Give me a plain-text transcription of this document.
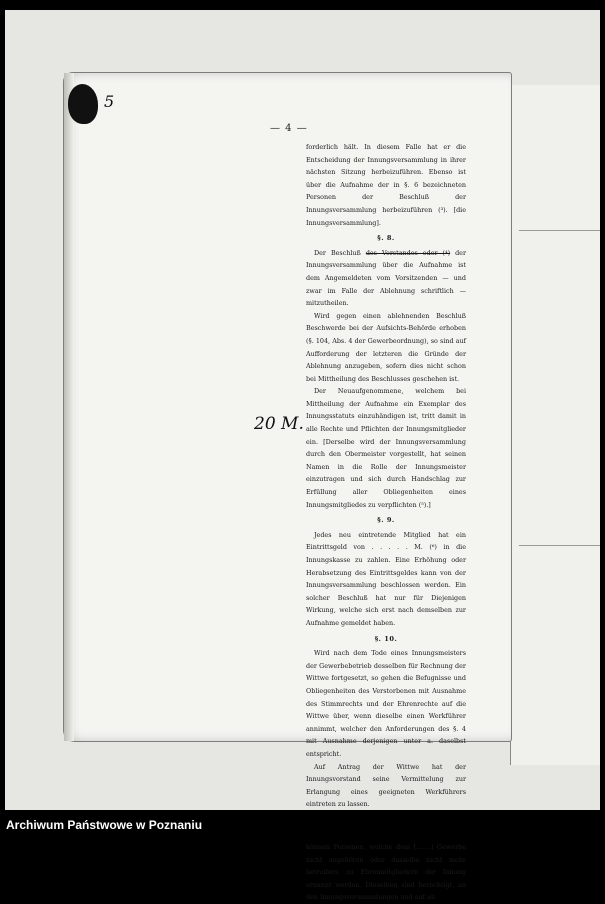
5
— 4 —
20 M.

forderlich hält. In diesem Falle hat er die Entscheidung der Innungsversammlung in ihrer nächsten Sitzung herbeizuführen. Ebenso ist über die Aufnahme der in §. 6 bezeichneten Personen der Beschluß der Innungsversammlung herbeizuführen (³). [die Innungsversammlung].

§. 8.

Der Beschluß des Vorstandes oder (⁴) der Innungsversammlung über die Aufnahme ist dem Angemeldeten vom Vorsitzenden — und zwar im Falle der Ablehnung schriftlich — mitzutheilen.

Wird gegen einen ablehnenden Beschluß Beschwerde bei der Aufsichts-Behörde erhoben (§. 104, Abs. 4 der Gewerbeordnung), so sind auf Aufforderung der letzteren die Gründe der Ablehnung anzugeben, sofern dies nicht schon bei Mittheilung des Beschlusses geschehen ist.

Der Neuaufgenommene, welchem bei Mittheilung der Aufnahme ein Exemplar des Innungsstatuts einzuhändigen ist, tritt damit in alle Rechte und Pflichten der Innungsmitglieder ein. [Derselbe wird der Innungsversammlung durch den Obermeister vorgestellt, hat seinen Namen in die Rolle der Innungsmeister einzutragen und sich durch Handschlag zur Erfüllung aller Obliegenheiten eines Innungsmitgliedes zu verpflichten (⁵).]

§. 9.

Jedes neu eintretende Mitglied hat ein Eintrittsgeld von . . . . . M. (⁶) in die Innungskasse zu zahlen. Eine Erhöhung oder Herabsetzung des Eintrittsgeldes kann von der Innungsversammlung beschlossen werden. Ein solcher Beschluß hat nur für Diejenigen Wirkung, welche sich erst nach demselben zur Aufnahme gemeldet haben.

§. 10.

Wird nach dem Tode eines Innungsmeisters der Gewerbebetrieb desselben für Rechnung der Wittwe fortgesetzt, so gehen die Befugnisse und Obliegenheiten des Verstorbenen mit Ausnahme des Stimmrechts und der Ehrenrechte auf die Wittwe über, wenn dieselbe einen Werkführer annimmt, welcher den Anforderungen des §. 4 mit Ausnahme derjenigen unter a. daselbst entspricht.

Auf Antrag der Wittwe hat der Innungsvorstand seine Vermittelung zur Erlangung eines geeigneten Werkführers eintreten zu lassen.

können Personen, welche dem [.......] Gewerbe nicht angehören oder dasselbe nicht mehr betreiben, zu Ehrenmitgliedern der Innung ernannt werden. Dieselben sind berechtigt, an den Innungsversammlungen und auf an

Archiwum Państwowe w Poznaniu
